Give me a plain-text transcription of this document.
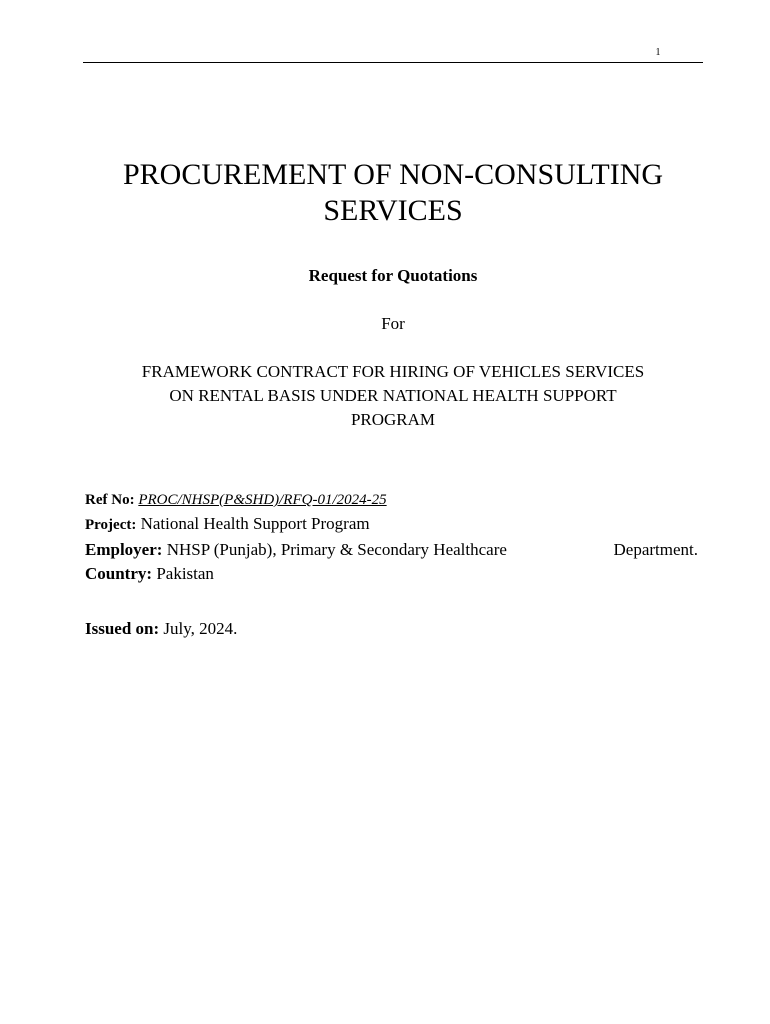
1
PROCUREMENT OF NON-CONSULTING
SERVICES

Request for Quotations

For

FRAMEWORK CONTRACT FOR HIRING OF VEHICLES SERVICES
ON RENTAL BASIS UNDER NATIONAL HEALTH SUPPORT
PROGRAM

Ref No: PROC/NHSP(P&SHD)/RFQ-01/2024-25

Project: National Health Support Program

Employer: NHSP (Punjab), Primary & Secondary Healthcare	Department.

Country: Pakistan

Issued on: July, 2024.
